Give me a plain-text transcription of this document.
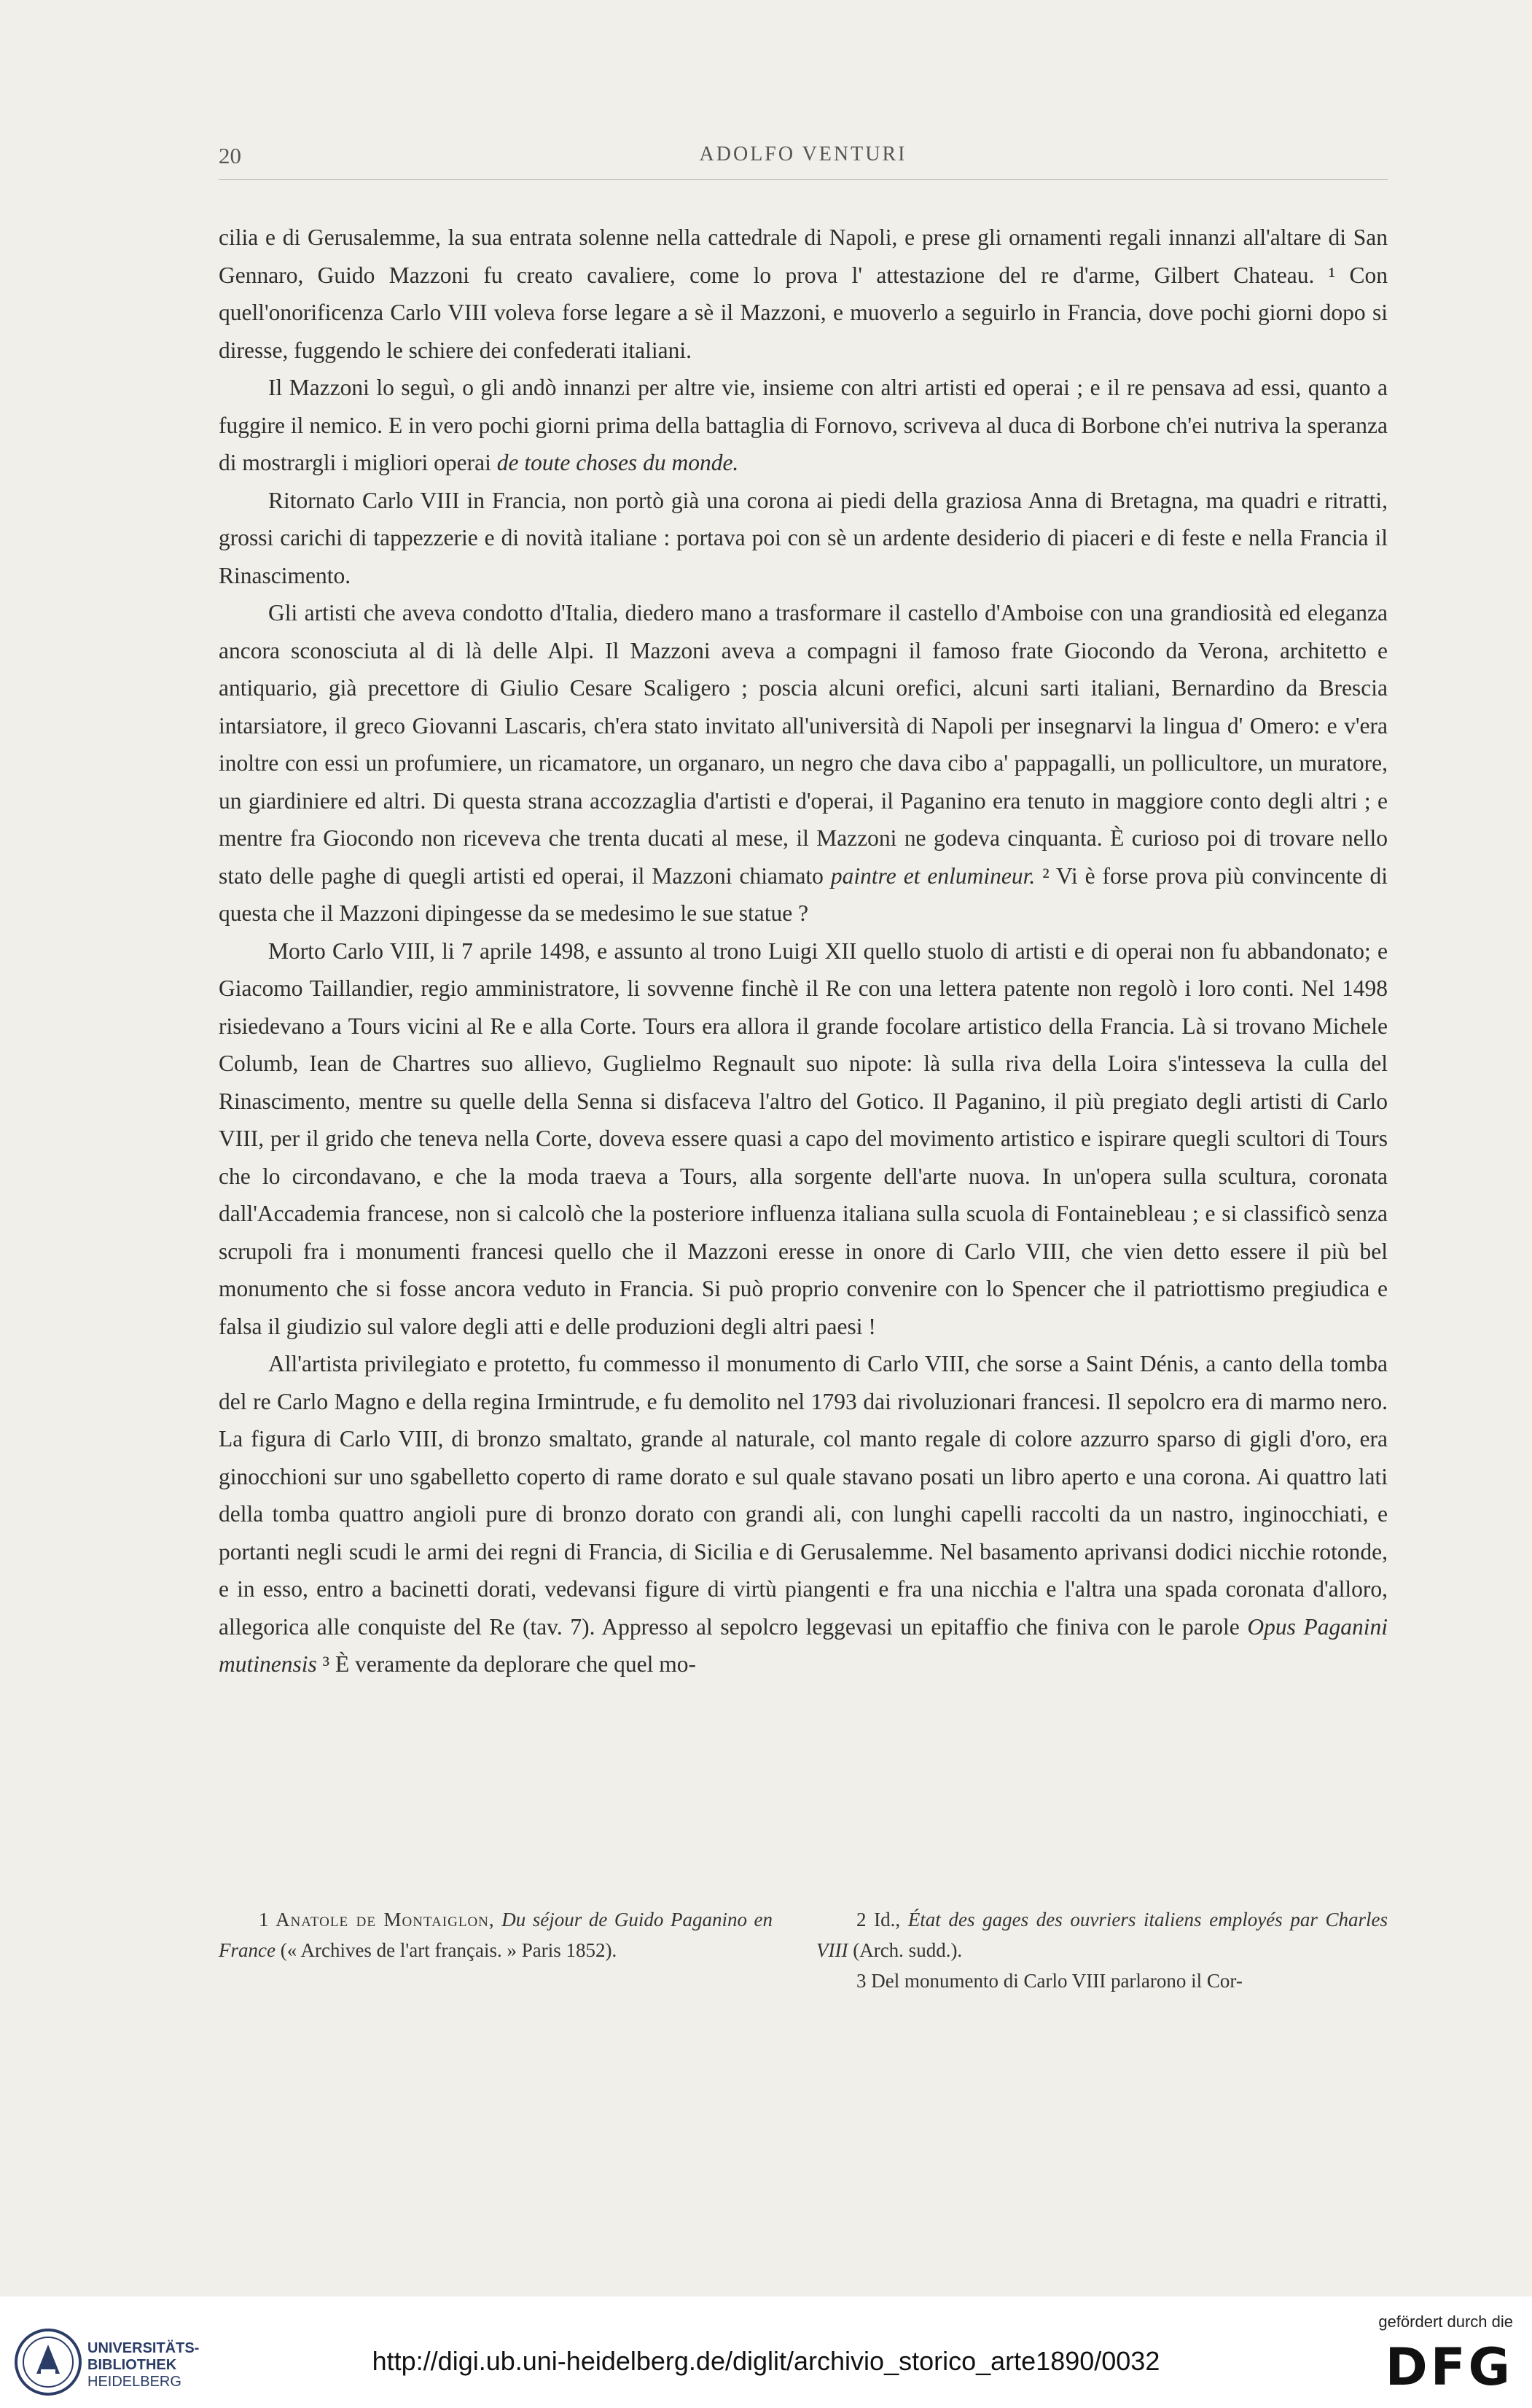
20	ADOLFO VENTURI

cilia e di Gerusalemme, la sua entrata solenne nella cattedrale di Napoli, e prese gli ornamenti regali innanzi all'altare di San Gennaro, Guido Mazzoni fu creato cavaliere, come lo prova l' attestazione del re d'arme, Gilbert Chateau. ¹ Con quell'onorificenza Carlo VIII voleva forse legare a sè il Mazzoni, e muoverlo a seguirlo in Francia, dove pochi giorni dopo si diresse, fuggendo le schiere dei confederati italiani.

Il Mazzoni lo seguì, o gli andò innanzi per altre vie, insieme con altri artisti ed operai ; e il re pensava ad essi, quanto a fuggire il nemico. E in vero pochi giorni prima della battaglia di Fornovo, scriveva al duca di Borbone ch'ei nutriva la speranza di mostrargli i migliori operai de toute choses du monde.

Ritornato Carlo VIII in Francia, non portò già una corona ai piedi della graziosa Anna di Bretagna, ma quadri e ritratti, grossi carichi di tappezzerie e di novità italiane : portava poi con sè un ardente desiderio di piaceri e di feste e nella Francia il Rinascimento.

Gli artisti che aveva condotto d'Italia, diedero mano a trasformare il castello d'Amboise con una grandiosità ed eleganza ancora sconosciuta al di là delle Alpi. Il Mazzoni aveva a compagni il famoso frate Giocondo da Verona, architetto e antiquario, già precettore di Giulio Cesare Scaligero ; poscia alcuni orefici, alcuni sarti italiani, Bernardino da Brescia intarsiatore, il greco Giovanni Lascaris, ch'era stato invitato all'università di Napoli per insegnarvi la lingua d' Omero: e v'era inoltre con essi un profumiere, un ricamatore, un organaro, un negro che dava cibo a' pappagalli, un pollicultore, un muratore, un giardiniere ed altri. Di questa strana accozzaglia d'artisti e d'operai, il Paganino era tenuto in maggiore conto degli altri ; e mentre fra Giocondo non riceveva che trenta ducati al mese, il Mazzoni ne godeva cinquanta. È curioso poi di trovare nello stato delle paghe di quegli artisti ed operai, il Mazzoni chiamato paintre et enlumineur. ² Vi è forse prova più convincente di questa che il Mazzoni dipingesse da se medesimo le sue statue ?

Morto Carlo VIII, li 7 aprile 1498, e assunto al trono Luigi XII quello stuolo di artisti e di operai non fu abbandonato; e Giacomo Taillandier, regio amministratore, li sovvenne finchè il Re con una lettera patente non regolò i loro conti. Nel 1498 risiedevano a Tours vicini al Re e alla Corte. Tours era allora il grande focolare artistico della Francia. Là si trovano Michele Columb, Iean de Chartres suo allievo, Guglielmo Regnault suo nipote: là sulla riva della Loira s'intesseva la culla del Rinascimento, mentre su quelle della Senna si disfaceva l'altro del Gotico. Il Paganino, il più pregiato degli artisti di Carlo VIII, per il grido che teneva nella Corte, doveva essere quasi a capo del movimento artistico e ispirare quegli scultori di Tours che lo circondavano, e che la moda traeva a Tours, alla sorgente dell'arte nuova. In un'opera sulla scultura, coronata dall'Accademia francese, non si calcolò che la posteriore influenza italiana sulla scuola di Fontainebleau ; e si classificò senza scrupoli fra i monumenti francesi quello che il Mazzoni eresse in onore di Carlo VIII, che vien detto essere il più bel monumento che si fosse ancora veduto in Francia. Si può proprio convenire con lo Spencer che il patriottismo pregiudica e falsa il giudizio sul valore degli atti e delle produzioni degli altri paesi !

All'artista privilegiato e protetto, fu commesso il monumento di Carlo VIII, che sorse a Saint Dénis, a canto della tomba del re Carlo Magno e della regina Irmintrude, e fu demolito nel 1793 dai rivoluzionari francesi. Il sepolcro era di marmo nero. La figura di Carlo VIII, di bronzo smaltato, grande al naturale, col manto regale di colore azzurro sparso di gigli d'oro, era ginocchioni sur uno sgabelletto coperto di rame dorato e sul quale stavano posati un libro aperto e una corona. Ai quattro lati della tomba quattro angioli pure di bronzo dorato con grandi ali, con lunghi capelli raccolti da un nastro, inginocchiati, e portanti negli scudi le armi dei regni di Francia, di Sicilia e di Gerusalemme. Nel basamento aprivansi dodici nicchie rotonde, e in esso, entro a bacinetti dorati, vedevansi figure di virtù piangenti e fra una nicchia e l'altra una spada coronata d'alloro, allegorica alle conquiste del Re (tav. 7). Appresso al sepolcro leggevasi un epitaffio che finiva con le parole Opus Paganini mutinensis ³ È veramente da deplorare che quel mo-

1 Anatole de Montaiglon, Du séjour de Guido Paganino en France (« Archives de l'art français. » Paris 1852).

2 Id., État des gages des ouvriers italiens employés par Charles VIII (Arch. sudd.).

3 Del monumento di Carlo VIII parlarono il Cor-

UNIVERSITÄTS-
BIBLIOTHEK
HEIDELBERG
http://digi.ub.uni-heidelberg.de/diglit/archivio_storico_arte1890/0032
gefördert durch die
DFG
